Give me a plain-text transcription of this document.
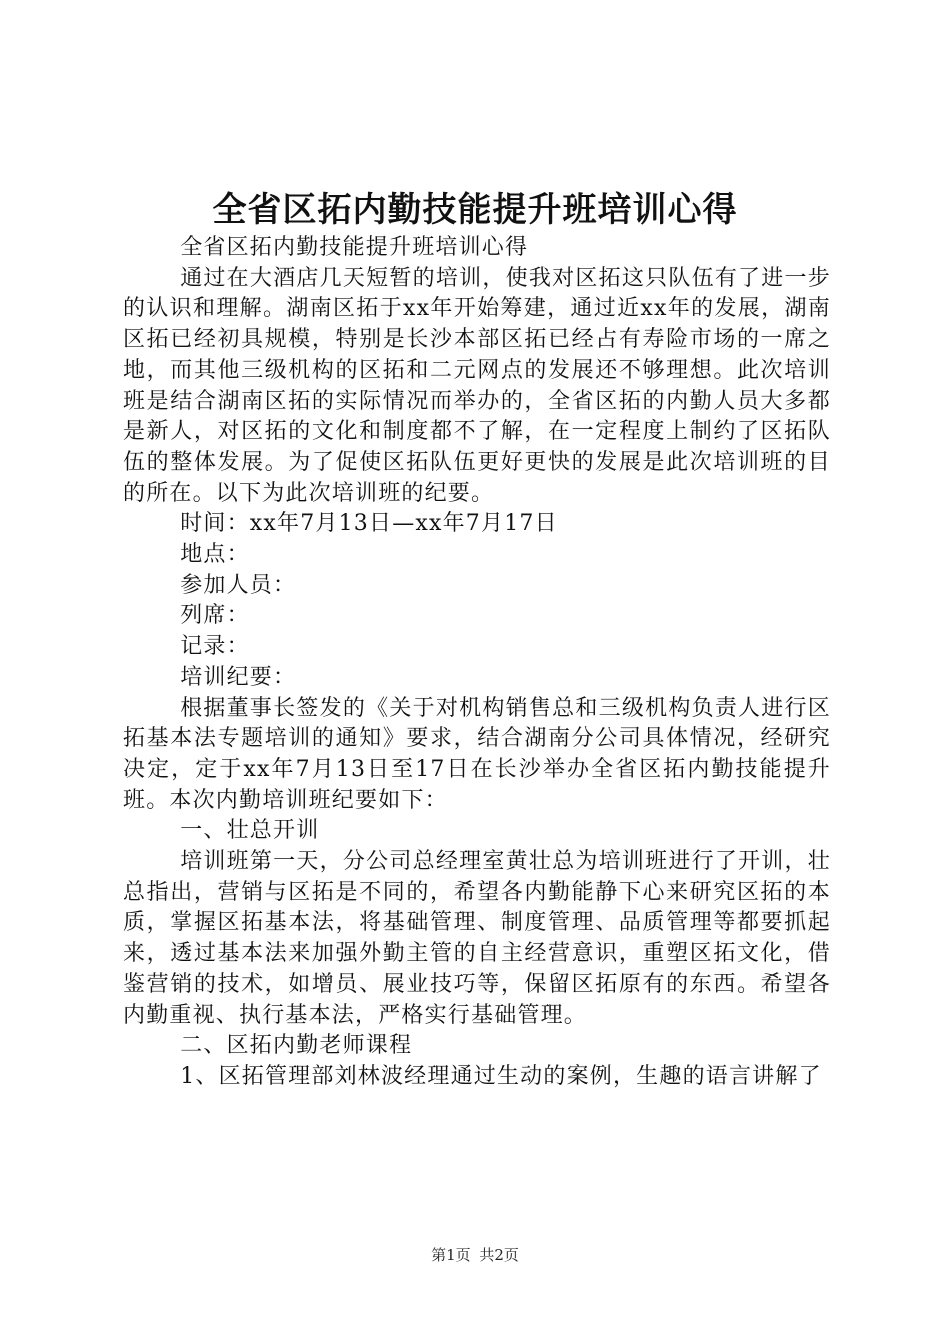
全省区拓内勤技能提升班培训心得

全省区拓内勤技能提升班培训心得

通过在大酒店几天短暂的培训，使我对区拓这只队伍有了进一步的认识和理解。湖南区拓于xx年开始筹建，通过近xx年的发展，湖南区拓已经初具规模，特别是长沙本部区拓已经占有寿险市场的一席之地，而其他三级机构的区拓和二元网点的发展还不够理想。此次培训班是结合湖南区拓的实际情况而举办的，全省区拓的内勤人员大多都是新人，对区拓的文化和制度都不了解，在一定程度上制约了区拓队伍的整体发展。为了促使区拓队伍更好更快的发展是此次培训班的目的所在。以下为此次培训班的纪要。

时间：xx年7月13日—xx年7月17日

地点：

参加人员：

列席：

记录：

培训纪要：

根据董事长签发的《关于对机构销售总和三级机构负责人进行区拓基本法专题培训的通知》要求，结合湖南分公司具体情况，经研究决定，定于xx年7月13日至17日在长沙举办全省区拓内勤技能提升班。本次内勤培训班纪要如下：

一、壮总开训

培训班第一天，分公司总经理室黄壮总为培训班进行了开训，壮总指出，营销与区拓是不同的，希望各内勤能静下心来研究区拓的本质，掌握区拓基本法，将基础管理、制度管理、品质管理等都要抓起来，透过基本法来加强外勤主管的自主经营意识，重塑区拓文化，借鉴营销的技术，如增员、展业技巧等，保留区拓原有的东西。希望各内勤重视、执行基本法，严格实行基础管理。

二、区拓内勤老师课程

1、区拓管理部刘林波经理通过生动的案例，生趣的语言讲解了

第1页 共2页
